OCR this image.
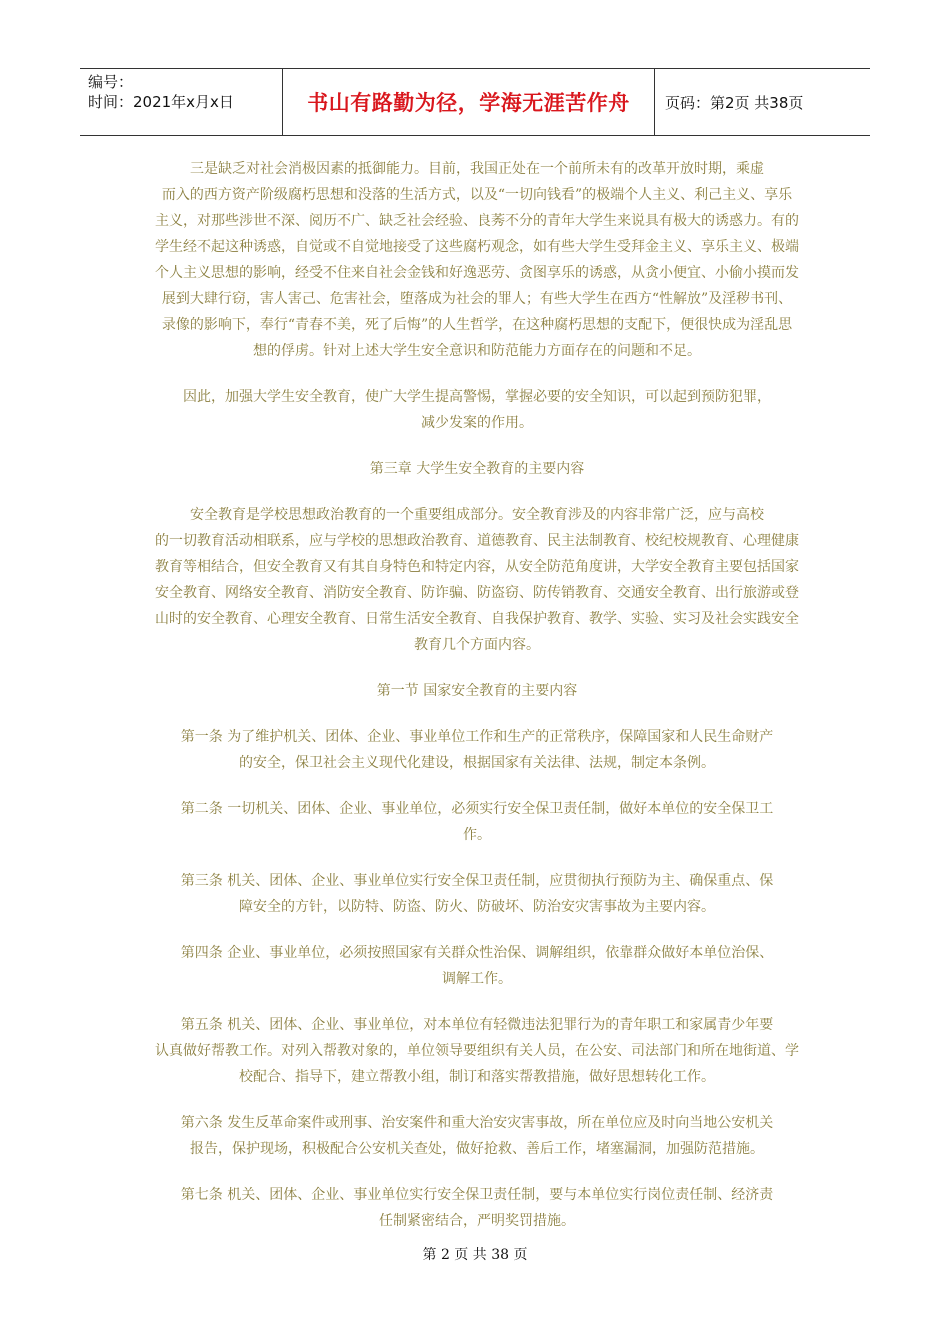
编号：
时间：2021年x月x日	书山有路勤为径，学海无涯苦作舟	页码：第2页 共38页
三是缺乏对社会消极因素的抵御能力。目前，我国正处在一个前所未有的改革开放时期，乘虚
而入的西方资产阶级腐朽思想和没落的生活方式，以及“一切向钱看”的极端个人主义、利己主义、享乐
主义，对那些涉世不深、阅历不广、缺乏社会经验、良莠不分的青年大学生来说具有极大的诱惑力。有的
学生经不起这种诱惑，自觉或不自觉地接受了这些腐朽观念，如有些大学生受拜金主义、享乐主义、极端
个人主义思想的影响，经受不住来自社会金钱和好逸恶劳、贪图享乐的诱惑，从贪小便宜、小偷小摸而发
展到大肆行窃，害人害己、危害社会，堕落成为社会的罪人；有些大学生在西方“性解放”及淫秽书刊、
录像的影响下，奉行“青春不美，死了后悔”的人生哲学，在这种腐朽思想的支配下，便很快成为淫乱思
想的俘虏。针对上述大学生安全意识和防范能力方面存在的问题和不足。
因此，加强大学生安全教育，使广大学生提高警惕，掌握必要的安全知识，可以起到预防犯罪，
减少发案的作用。
第三章 大学生安全教育的主要内容
安全教育是学校思想政治教育的一个重要组成部分。安全教育涉及的内容非常广泛，应与高校
的一切教育活动相联系，应与学校的思想政治教育、道德教育、民主法制教育、校纪校规教育、心理健康
教育等相结合，但安全教育又有其自身特色和特定内容，从安全防范角度讲，大学安全教育主要包括国家
安全教育、网络安全教育、消防安全教育、防诈骗、防盗窃、防传销教育、交通安全教育、出行旅游或登
山时的安全教育、心理安全教育、日常生活安全教育、自我保护教育、教学、实验、实习及社会实践安全
教育几个方面内容。
第一节 国家安全教育的主要内容
第一条 为了维护机关、团体、企业、事业单位工作和生产的正常秩序，保障国家和人民生命财产
的安全，保卫社会主义现代化建设，根据国家有关法律、法规，制定本条例。
第二条 一切机关、团体、企业、事业单位，必须实行安全保卫责任制，做好本单位的安全保卫工
作。
第三条 机关、团体、企业、事业单位实行安全保卫责任制，应贯彻执行预防为主、确保重点、保
障安全的方针，以防特、防盗、防火、防破坏、防治安灾害事故为主要内容。
第四条 企业、事业单位，必须按照国家有关群众性治保、调解组织，依靠群众做好本单位治保、
调解工作。
第五条 机关、团体、企业、事业单位，对本单位有轻微违法犯罪行为的青年职工和家属青少年要
认真做好帮教工作。对列入帮教对象的，单位领导要组织有关人员，在公安、司法部门和所在地街道、学
校配合、指导下，建立帮教小组，制订和落实帮教措施，做好思想转化工作。
第六条 发生反革命案件或刑事、治安案件和重大治安灾害事故，所在单位应及时向当地公安机关
报告，保护现场，积极配合公安机关查处，做好抢救、善后工作，堵塞漏洞，加强防范措施。
第七条 机关、团体、企业、事业单位实行安全保卫责任制，要与本单位实行岗位责任制、经济责
任制紧密结合，严明奖罚措施。
第 2 页 共 38 页
